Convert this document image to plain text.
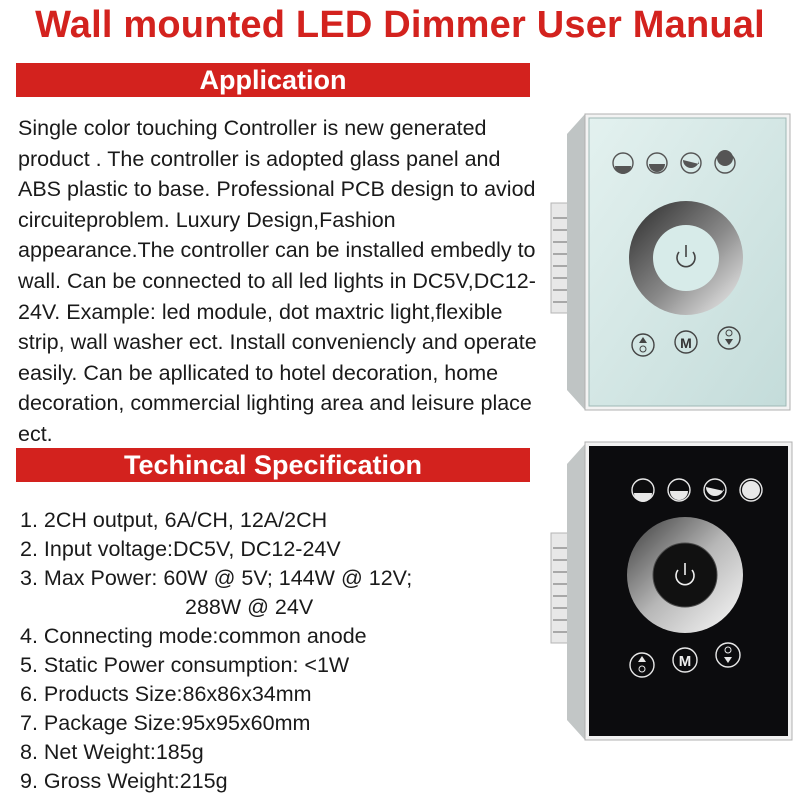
Wall mounted LED Dimmer User Manual
Application
Single color touching Controller is new generated product . The controller is adopted glass panel and ABS plastic to base. Professional PCB design to aviod circuiteproblem. Luxury Design,Fashion appearance.The controller can be installed embedly to wall. Can be connected to all led lights in DC5V,DC12-24V. Example: led module, dot maxtric light,flexible strip, wall washer ect. Install conveniencly and operate easily. Can be apllicated to hotel decoration, home decoration, commercial lighting area and leisure place ect.
Techincal Specification
1. 2CH output, 6A/CH, 12A/2CH
2. Input voltage:DC5V, DC12-24V
3. Max Power: 60W @ 5V; 144W @ 12V;
288W @ 24V
4. Connecting mode:common anode
5. Static Power consumption: <1W
6. Products Size:86x86x34mm
7. Package Size:95x95x60mm
8. Net Weight:185g
9. Gross Weight:215g
M
M
